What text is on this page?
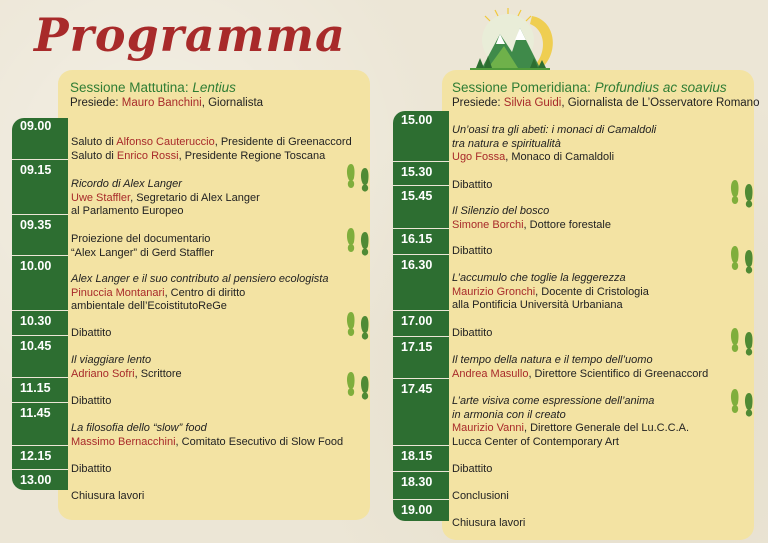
Programma
Sessione Mattutina: Lentius
Presiede: Mauro Banchini, Giornalista
09.00
09.15
09.35
10.00
10.30
10.45
11.15
11.45
12.15
13.00
Saluto di Alfonso Cauteruccio, Presidente di Greenaccord
Saluto di Enrico Rossi, Presidente Regione Toscana
Ricordo di Alex Langer
Uwe Staffler, Segretario di Alex Langer
al Parlamento Europeo
Proiezione del documentario
“Alex Langer” di Gerd Staffler
Alex Langer e il suo contributo al pensiero ecologista
Pinuccia Montanari, Centro di diritto
ambientale dell’EcoistitutoReGe
Dibattito
Il viaggiare lento
Adriano Sofri, Scrittore
Dibattito
La filosofia dello “slow” food
Massimo Bernacchini, Comitato Esecutivo di Slow Food
Dibattito
Chiusura lavori
Sessione Pomeridiana: Profundius ac soavius
Presiede: Silvia Guidi, Giornalista de L’Osservatore Romano
15.00
15.30
15.45
16.15
16.30
17.00
17.15
17.45
18.15
18.30
19.00
Un’oasi tra gli abeti: i monaci di Camaldoli
tra natura e spiritualità
Ugo Fossa, Monaco di Camaldoli
Dibattito
Il Silenzio del bosco
Simone Borchi, Dottore forestale
Dibattito
L’accumulo che toglie la leggerezza
Maurizio Gronchi, Docente di Cristologia
alla Pontificia Università Urbaniana
Dibattito
Il tempo della natura e il tempo dell’uomo
Andrea Masullo, Direttore Scientifico di Greenaccord
L’arte visiva come espressione dell’anima
in armonia con il creato
Maurizio Vanni, Direttore Generale del Lu.C.C.A.
Lucca Center of Contemporary Art
Dibattito
Conclusioni
Chiusura lavori
